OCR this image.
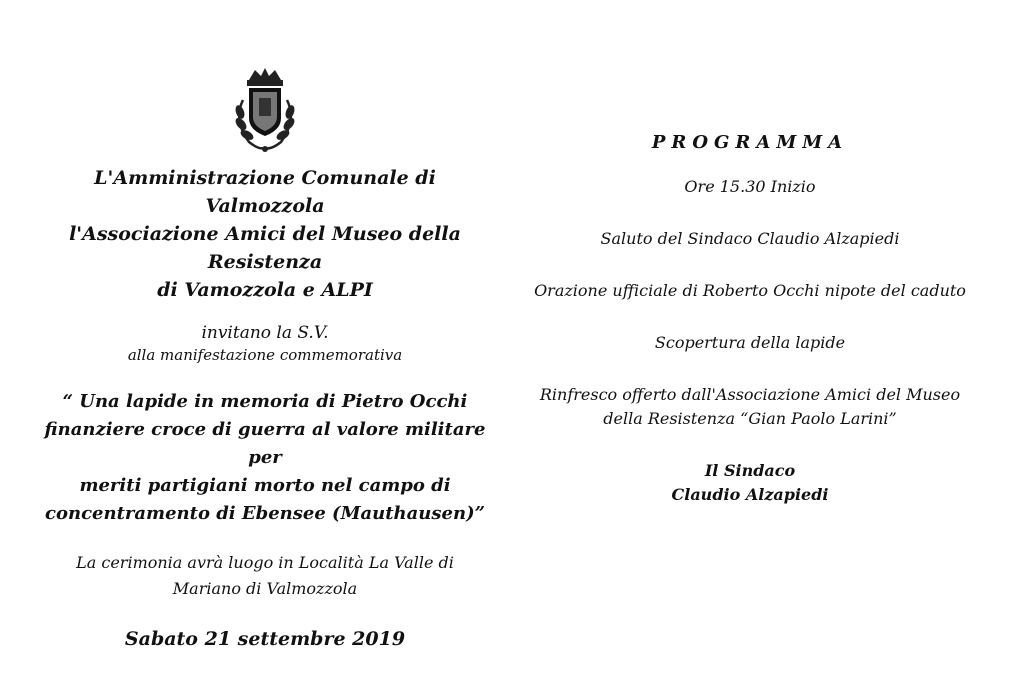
L'Amministrazione Comunale di Valmozzola
l'Associazione Amici del Museo della Resistenza
di Vamozzola e ALPI
invitano la S.V.
alla manifestazione commemorativa
“ Una lapide in memoria di Pietro Occhi
finanziere croce di guerra al valore militare per
meriti partigiani morto nel campo di
concentramento di Ebensee (Mauthausen)”
La cerimonia avrà luogo in Località La Valle di
Mariano di Valmozzola
Sabato 21 settembre 2019
PROGRAMMA
Ore 15.30 Inizio
Saluto del Sindaco Claudio Alzapiedi
Orazione ufficiale di Roberto Occhi nipote del caduto
Scopertura della lapide
Rinfresco offerto dall'Associazione Amici del Museo
della Resistenza “Gian Paolo Larini”
Il Sindaco
Claudio Alzapiedi
